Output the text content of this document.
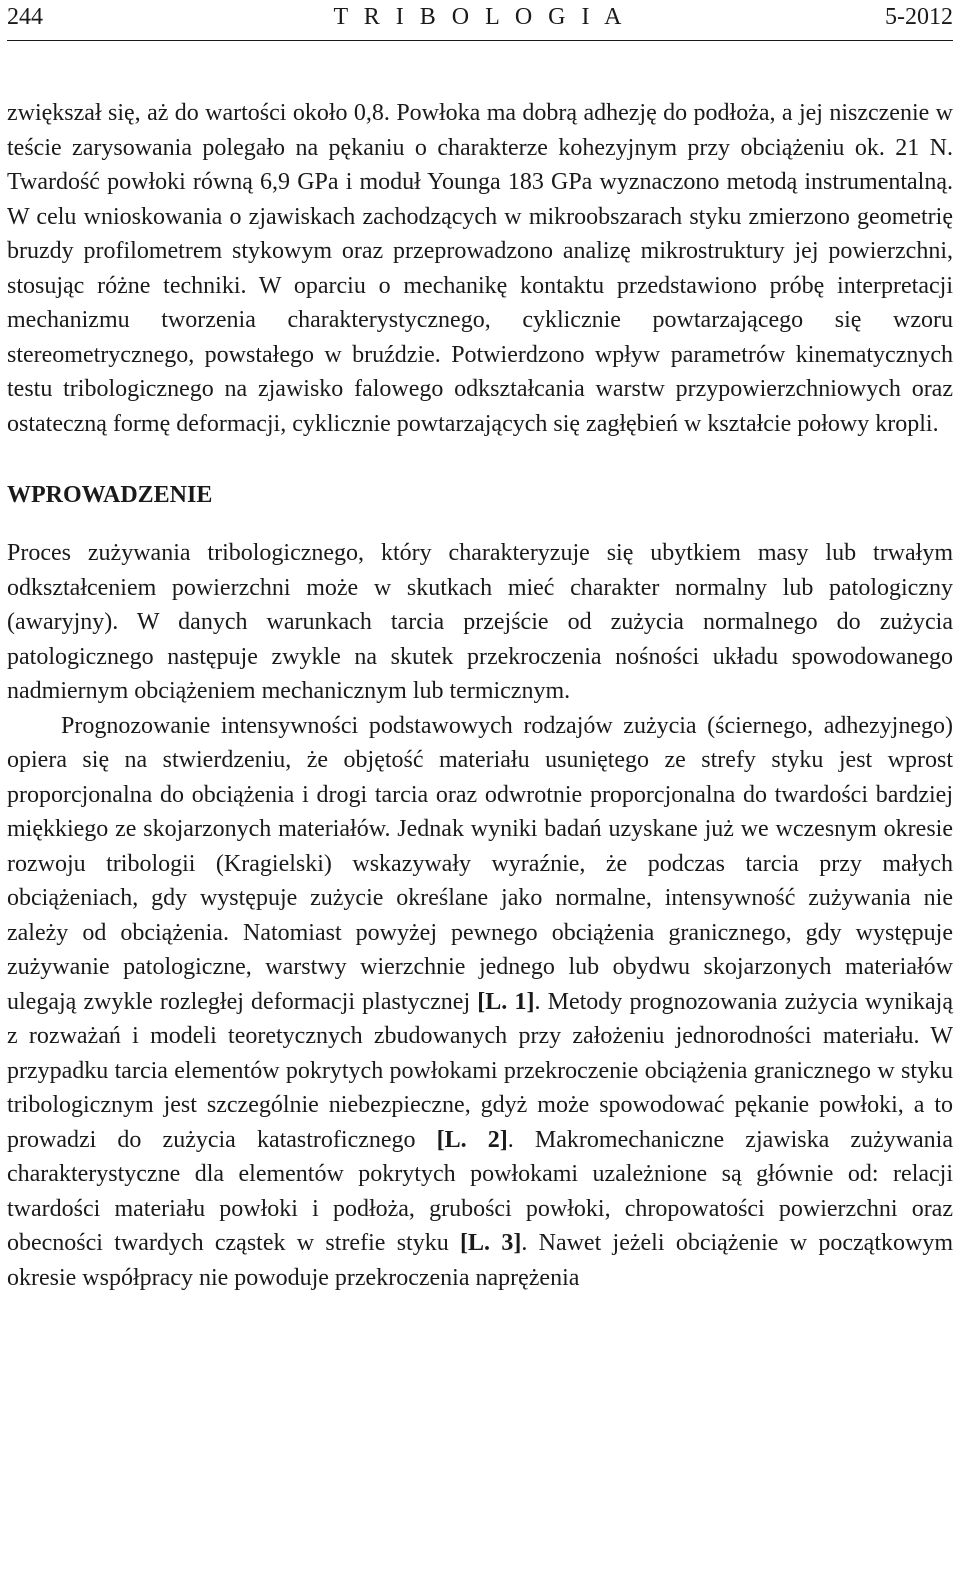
244	T R I B O L O G I A	5-2012

zwiększał się, aż do wartości około 0,8. Powłoka ma dobrą adhezję do podłoża, a jej niszczenie w teście zarysowania polegało na pękaniu o charakterze kohezyjnym przy obciążeniu ok. 21 N. Twardość powłoki równą 6,9 GPa i moduł Younga 183 GPa wyznaczono metodą instrumentalną. W celu wnioskowania o zjawiskach zachodzących w mikroobszarach styku zmierzono geometrię bruzdy profilometrem stykowym oraz przeprowadzono analizę mikrostruktury jej powierzchni, stosując różne techniki. W oparciu o mechanikę kontaktu przedstawiono próbę interpretacji mechanizmu tworzenia charakterystycznego, cyklicznie powtarzającego się wzoru stereometrycznego, powstałego w bruździe. Potwierdzono wpływ parametrów kinematycznych testu tribologicznego na zjawisko falowego odkształcania warstw przypowierzchniowych oraz ostateczną formę deformacji, cyklicznie powtarzających się zagłębień w kształcie połowy kropli.

WPROWADZENIE

Proces zużywania tribologicznego, który charakteryzuje się ubytkiem masy lub trwałym odkształceniem powierzchni może w skutkach mieć charakter normalny lub patologiczny (awaryjny). W danych warunkach tarcia przejście od zużycia normalnego do zużycia patologicznego następuje zwykle na skutek przekroczenia nośności układu spowodowanego nadmiernym obciążeniem mechanicznym lub termicznym.

Prognozowanie intensywności podstawowych rodzajów zużycia (ściernego, adhezyjnego) opiera się na stwierdzeniu, że objętość materiału usuniętego ze strefy styku jest wprost proporcjonalna do obciążenia i drogi tarcia oraz odwrotnie proporcjonalna do twardości bardziej miękkiego ze skojarzonych materiałów. Jednak wyniki badań uzyskane już we wczesnym okresie rozwoju tribologii (Kragielski) wskazywały wyraźnie, że podczas tarcia przy małych obciążeniach, gdy występuje zużycie określane jako normalne, intensywność zużywania nie zależy od obciążenia. Natomiast powyżej pewnego obciążenia granicznego, gdy występuje zużywanie patologiczne, warstwy wierzchnie jednego lub obydwu skojarzonych materiałów ulegają zwykle rozległej deformacji plastycznej [L. 1]. Metody prognozowania zużycia wynikają z rozważań i modeli teoretycznych zbudowanych przy założeniu jednorodności materiału. W przypadku tarcia elementów pokrytych powłokami przekroczenie obciążenia granicznego w styku tribologicznym jest szczególnie niebezpieczne, gdyż może spowodować pękanie powłoki, a to prowadzi do zużycia katastroficznego [L. 2]. Makromechaniczne zjawiska zużywania charakterystyczne dla elementów pokrytych powłokami uzależnione są głównie od: relacji twardości materiału powłoki i podłoża, grubości powłoki, chropowatości powierzchni oraz obecności twardych cząstek w strefie styku [L. 3]. Nawet jeżeli obciążenie w początkowym okresie współpracy nie powoduje przekroczenia naprężenia
